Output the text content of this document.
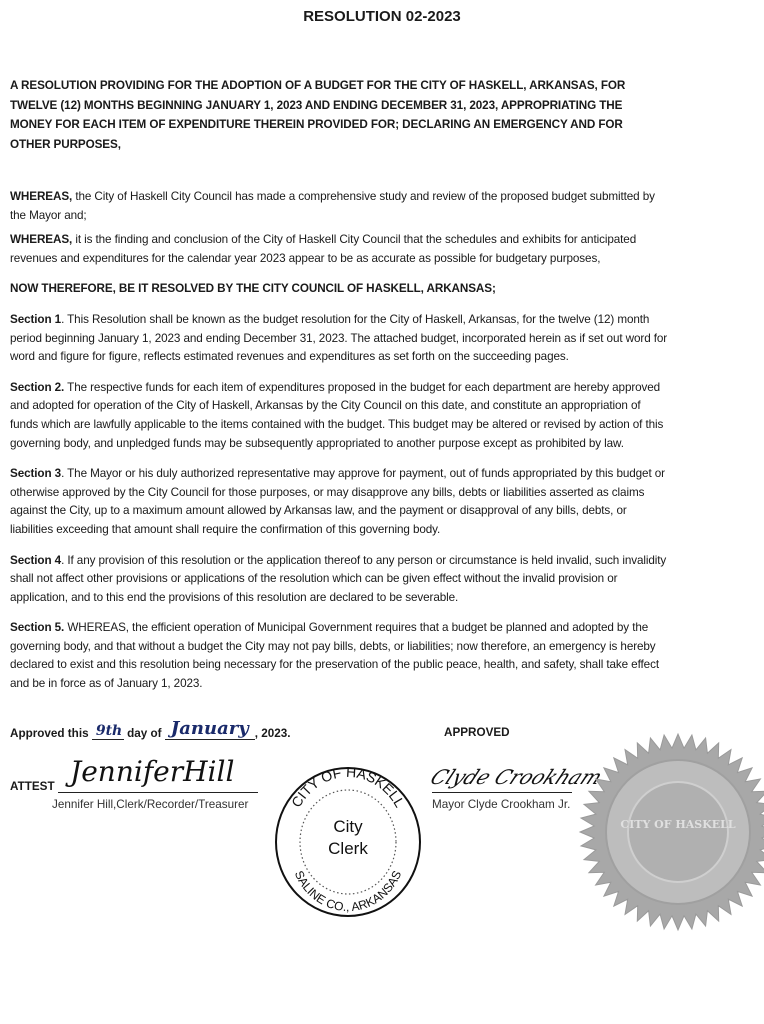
RESOLUTION 02-2023

A RESOLUTION PROVIDING FOR THE ADOPTION OF A BUDGET FOR THE CITY OF HASKELL, ARKANSAS, FOR TWELVE (12) MONTHS BEGINNING JANUARY 1, 2023 AND ENDING DECEMBER 31, 2023, APPROPRIATING THE MONEY FOR EACH ITEM OF EXPENDITURE THEREIN PROVIDED FOR; DECLARING AN EMERGENCY AND FOR OTHER PURPOSES,

WHEREAS, the City of Haskell City Council has made a comprehensive study and review of the proposed budget submitted by the Mayor and;

WHEREAS, it is the finding and conclusion of the City of Haskell City Council that the schedules and exhibits for anticipated revenues and expenditures for the calendar year 2023 appear to be as accurate as possible for budgetary purposes,

NOW THEREFORE, BE IT RESOLVED BY THE CITY COUNCIL OF HASKELL, ARKANSAS;

Section 1. This Resolution shall be known as the budget resolution for the City of Haskell, Arkansas, for the twelve (12) month period beginning January 1, 2023 and ending December 31, 2023. The attached budget, incorporated herein as if set out word for word and figure for figure, reflects estimated revenues and expenditures as set forth on the succeeding pages.

Section 2. The respective funds for each item of expenditures proposed in the budget for each department are hereby approved and adopted for operation of the City of Haskell, Arkansas by the City Council on this date, and constitute an appropriation of funds which are lawfully applicable to the items contained with the budget. This budget may be altered or revised by action of this governing body, and unpledged funds may be subsequently appropriated to another purpose except as prohibited by law.

Section 3. The Mayor or his duly authorized representative may approve for payment, out of funds appropriated by this budget or otherwise approved by the City Council for those purposes, or may disapprove any bills, debts or liabilities asserted as claims against the City, up to a maximum amount allowed by Arkansas law, and the payment or disapproval of any bills, debts, or liabilities exceeding that amount shall require the confirmation of this governing body.

Section 4. If any provision of this resolution or the application thereof to any person or circumstance is held invalid, such invalidity shall not affect other provisions or applications of the resolution which can be given effect without the invalid provision or application, and to this end the provisions of this resolution are declared to be severable.

Section 5. WHEREAS, the efficient operation of Municipal Government requires that a budget be planned and adopted by the governing body, and that without a budget the City may not pay bills, debts, or liabilities; now therefore, an emergency is hereby declared to exist and this resolution being necessary for the preservation of the public peace, health, and safety, shall take effect and be in force as of January 1, 2023.

Approved this 9th day of January , 2023.	APPROVED
ATTEST JenniferHill
Jennifer Hill,Clerk/Recorder/Treasurer
Clyde Crookham
Mayor Clyde Crookham Jr.
CITY OF HASKELL
SALINE CO., ARKANSAS
City
Clerk
CITY OF HASKELL
